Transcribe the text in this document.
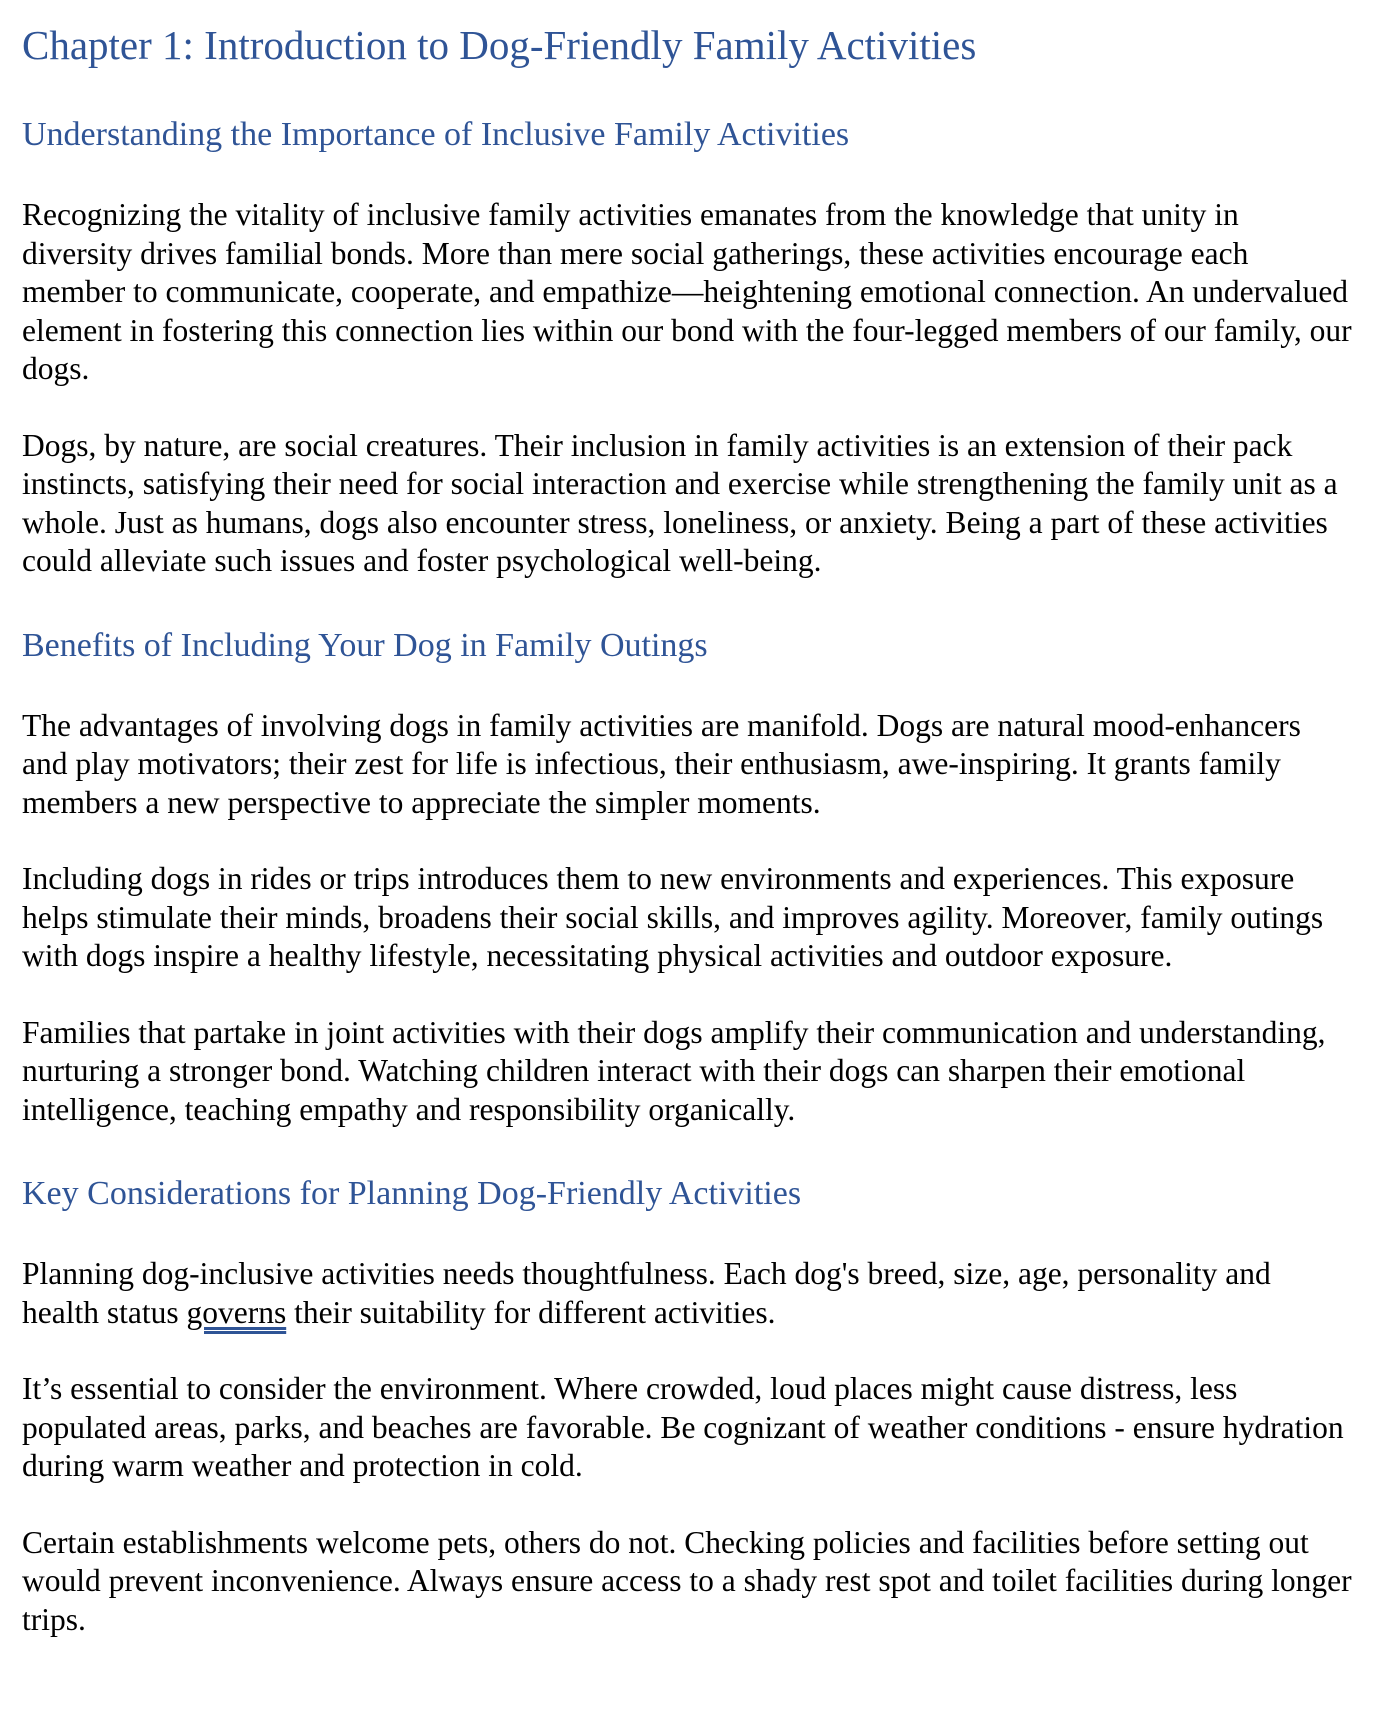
Chapter 1: Introduction to Dog-Friendly Family Activities
Understanding the Importance of Inclusive Family Activities

Recognizing the vitality of inclusive family activities emanates from the knowledge that unity in diversity drives familial bonds. More than mere social gatherings, these activities encourage each member to communicate, cooperate, and empathize—heightening emotional connection. An undervalued element in fostering this connection lies within our bond with the four-legged members of our family, our dogs.

Dogs, by nature, are social creatures. Their inclusion in family activities is an extension of their pack instincts, satisfying their need for social interaction and exercise while strengthening the family unit as a whole. Just as humans, dogs also encounter stress, loneliness, or anxiety. Being a part of these activities could alleviate such issues and foster psychological well-being.

Benefits of Including Your Dog in Family Outings

The advantages of involving dogs in family activities are manifold. Dogs are natural mood-enhancers and play motivators; their zest for life is infectious, their enthusiasm, awe-inspiring. It grants family members a new perspective to appreciate the simpler moments.

Including dogs in rides or trips introduces them to new environments and experiences. This exposure helps stimulate their minds, broadens their social skills, and improves agility. Moreover, family outings with dogs inspire a healthy lifestyle, necessitating physical activities and outdoor exposure.

Families that partake in joint activities with their dogs amplify their communication and understanding, nurturing a stronger bond. Watching children interact with their dogs can sharpen their emotional intelligence, teaching empathy and responsibility organically.

Key Considerations for Planning Dog-Friendly Activities

Planning dog-inclusive activities needs thoughtfulness. Each dog's breed, size, age, personality and health status governs their suitability for different activities.

It’s essential to consider the environment. Where crowded, loud places might cause distress, less populated areas, parks, and beaches are favorable. Be cognizant of weather conditions - ensure hydration during warm weather and protection in cold.

Certain establishments welcome pets, others do not. Checking policies and facilities before setting out would prevent inconvenience. Always ensure access to a shady rest spot and toilet facilities during longer trips.
